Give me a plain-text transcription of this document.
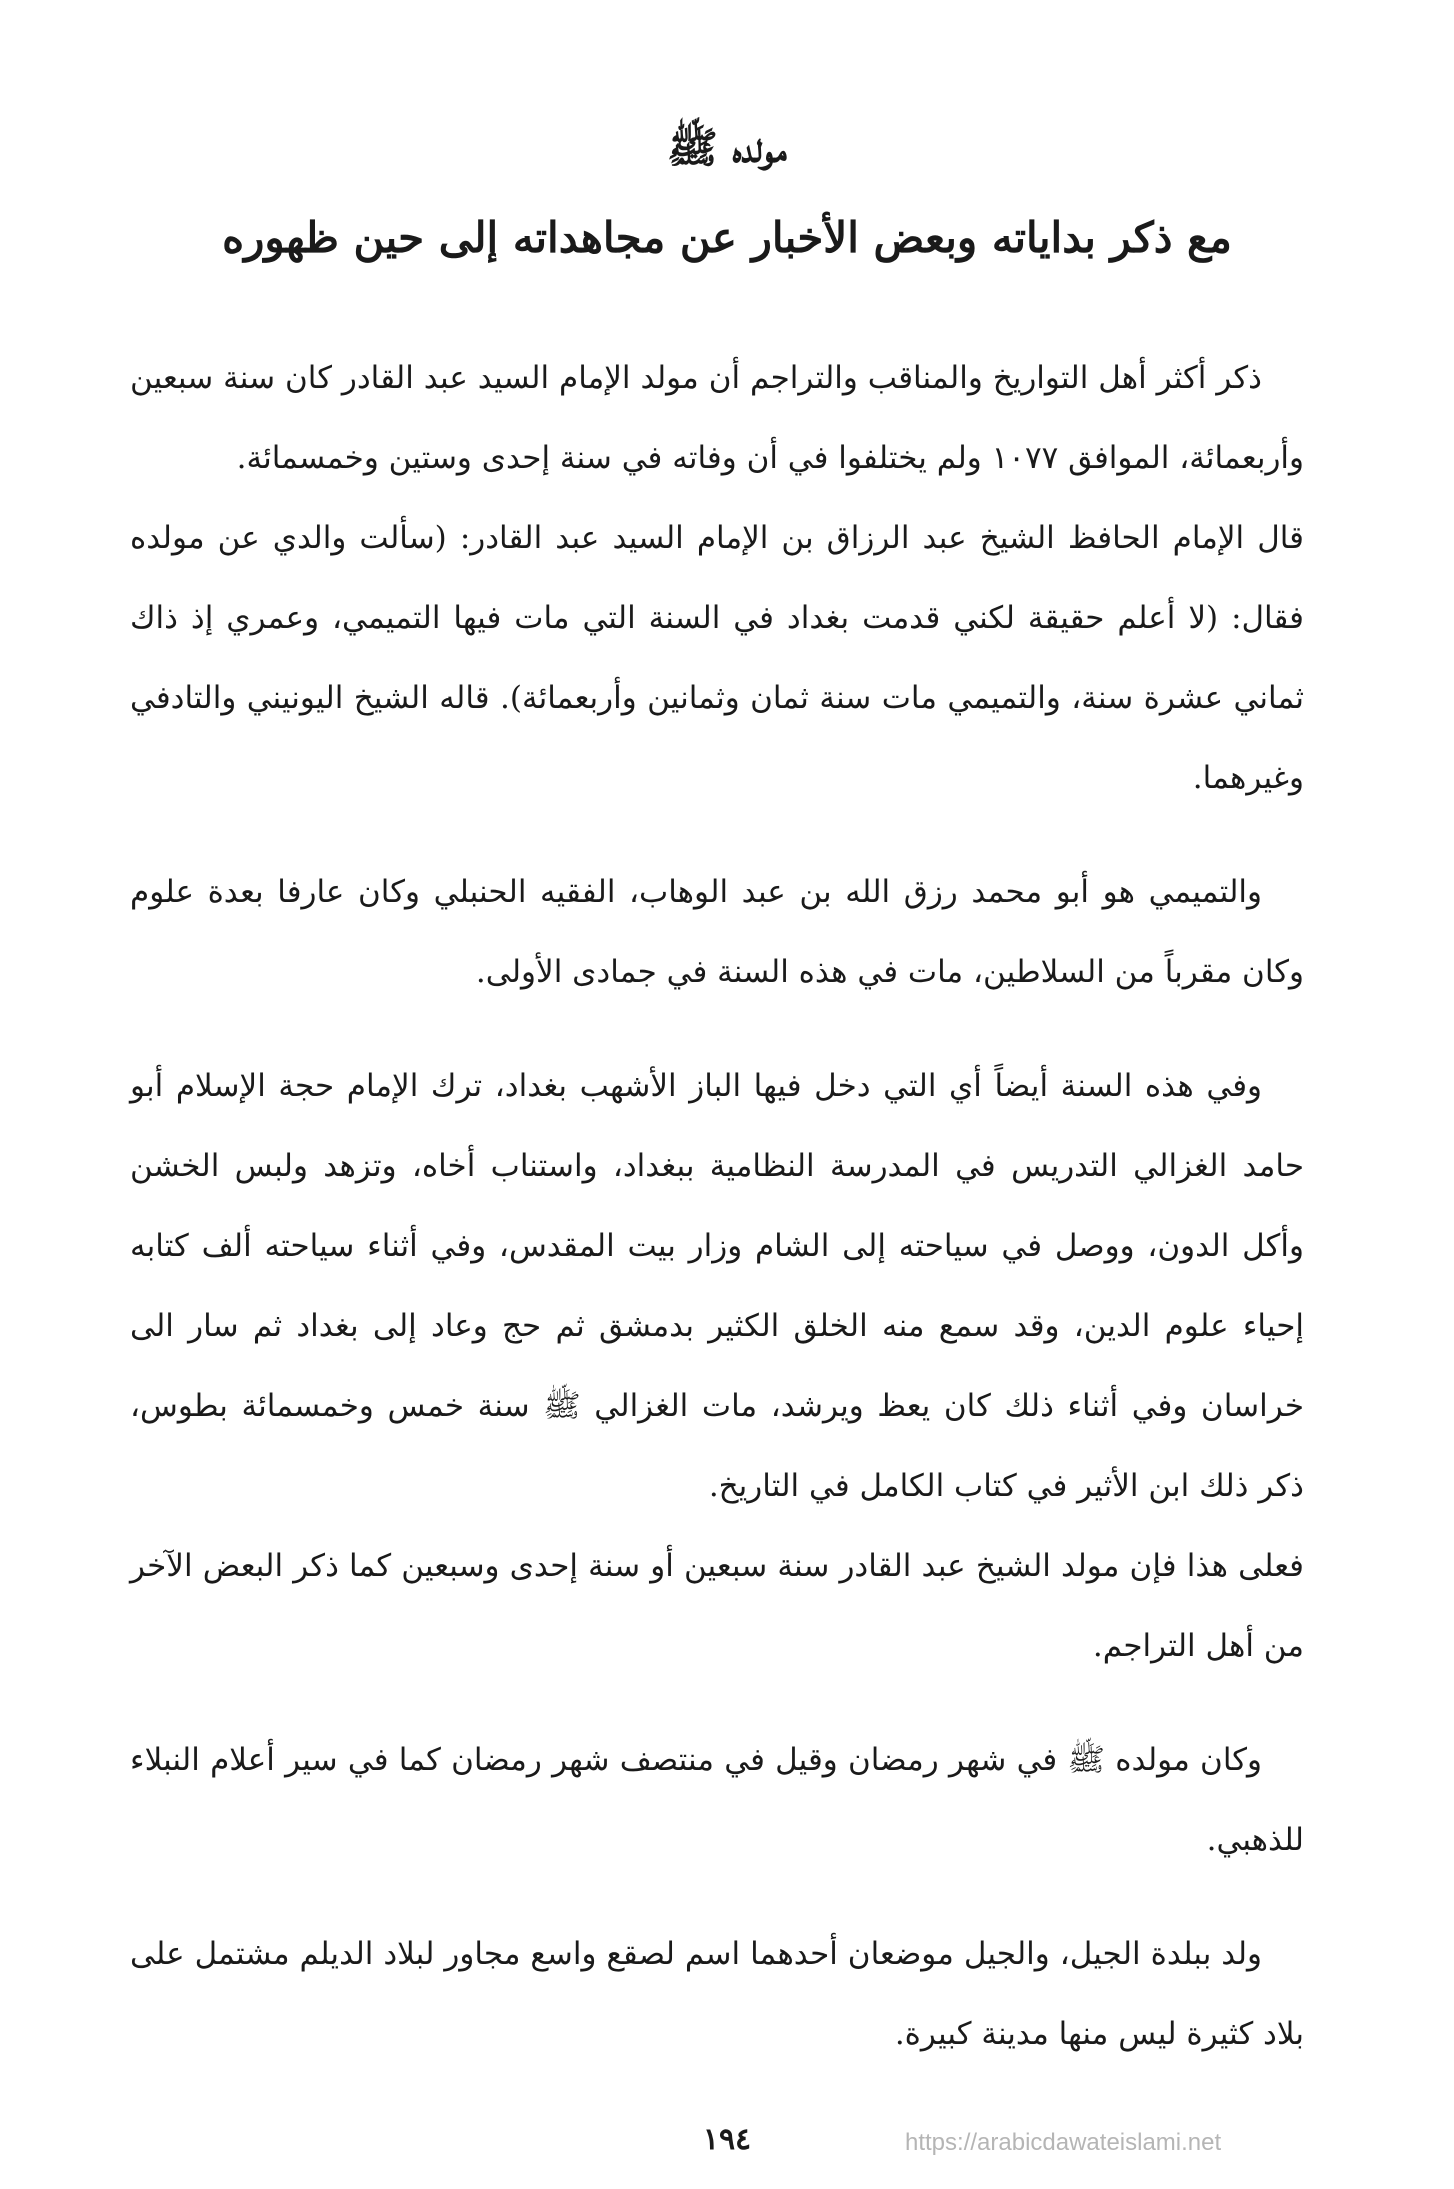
مولده ﷺ
مع ذكر بداياته وبعض الأخبار عن مجاهداته إلى حين ظهوره

ذكر أكثر أهل التواريخ والمناقب والتراجم أن مولد الإمام السيد عبد القادر كان سنة سبعين وأربعمائة، الموافق ١٠٧٧ ولم يختلفوا في أن وفاته في سنة إحدى وستين وخمسمائة.

قال الإمام الحافظ الشيخ عبد الرزاق بن الإمام السيد عبد القادر: (سألت والدي عن مولده فقال: (لا أعلم حقيقة لكني قدمت بغداد في السنة التي مات فيها التميمي، وعمري إذ ذاك ثماني عشرة سنة، والتميمي مات سنة ثمان وثمانين وأربعمائة). قاله الشيخ اليونيني والتادفي وغيرهما.

والتميمي هو أبو محمد رزق الله بن عبد الوهاب، الفقيه الحنبلي وكان عارفا بعدة علوم وكان مقرباً من السلاطين، مات في هذه السنة في جمادى الأولى.

وفي هذه السنة أيضاً أي التي دخل فيها الباز الأشهب بغداد، ترك الإمام حجة الإسلام أبو حامد الغزالي التدريس في المدرسة النظامية ببغداد، واستناب أخاه، وتزهد ولبس الخشن وأكل الدون، ووصل في سياحته إلى الشام وزار بيت المقدس، وفي أثناء سياحته ألف كتابه إحياء علوم الدين، وقد سمع منه الخلق الكثير بدمشق ثم حج وعاد إلى بغداد ثم سار الى خراسان وفي أثناء ذلك كان يعظ ويرشد، مات الغزالي ﷺ سنة خمس وخمسمائة بطوس، ذكر ذلك ابن الأثير في كتاب الكامل في التاريخ.

فعلى هذا فإن مولد الشيخ عبد القادر سنة سبعين أو سنة إحدى وسبعين كما ذكر البعض الآخر من أهل التراجم.

وكان مولده ﷺ في شهر رمضان وقيل في منتصف شهر رمضان كما في سير أعلام النبلاء للذهبي.

ولد ببلدة الجيل، والجيل موضعان أحدهما اسم لصقع واسع مجاور لبلاد الديلم مشتمل على بلاد كثيرة ليس منها مدينة كبيرة.

١٩٤	https://arabicdawateislami.net
